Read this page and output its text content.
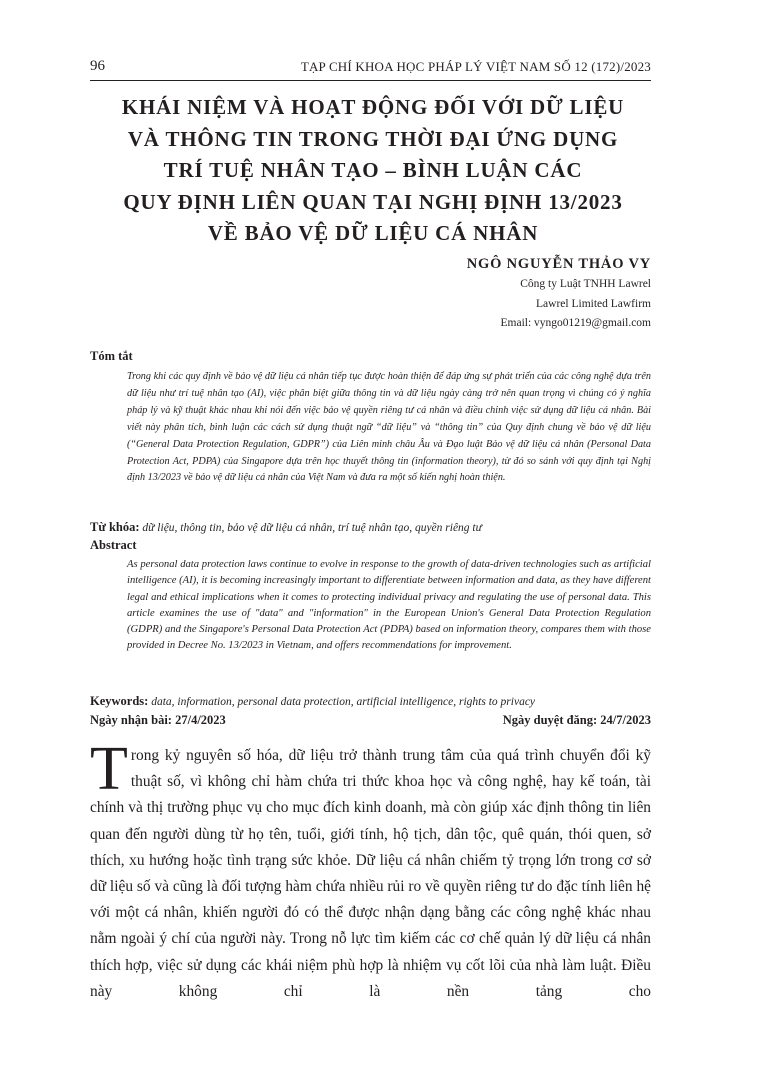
96	TẠP CHÍ KHOA HỌC PHÁP LÝ VIỆT NAM SỐ 12 (172)/2023
KHÁI NIỆM VÀ HOẠT ĐỘNG ĐỐI VỚI DỮ LIỆU
VÀ THÔNG TIN TRONG THỜI ĐẠI ỨNG DỤNG
TRÍ TUỆ NHÂN TẠO – BÌNH LUẬN CÁC
QUY ĐỊNH LIÊN QUAN TẠI NGHỊ ĐỊNH 13/2023
VỀ BẢO VỆ DỮ LIỆU CÁ NHÂN
NGÔ NGUYỄN THẢO VY
Công ty Luật TNHH Lawrel
Lawrel Limited Lawfirm
Email: vyngo01219@gmail.com
Tóm tắt
Trong khi các quy định về bảo vệ dữ liệu cá nhân tiếp tục được hoàn thiện để đáp ứng sự phát triển của các công nghệ dựa trên dữ liệu như trí tuệ nhân tạo (AI), việc phân biệt giữa thông tin và dữ liệu ngày càng trở nên quan trọng vì chúng có ý nghĩa pháp lý và kỹ thuật khác nhau khi nói đến việc bảo vệ quyền riêng tư cá nhân và điều chỉnh việc sử dụng dữ liệu cá nhân. Bài viết này phân tích, bình luận các cách sử dụng thuật ngữ “dữ liệu” và “thông tin” của Quy định chung về bảo vệ dữ liệu (“General Data Protection Regulation, GDPR”) của Liên minh châu Âu và Đạo luật Bảo vệ dữ liệu cá nhân (Personal Data Protection Act, PDPA) của Singapore dựa trên học thuyết thông tin (information theory), từ đó so sánh với quy định tại Nghị định 13/2023 về bảo vệ dữ liệu cá nhân của Việt Nam và đưa ra một số kiến nghị hoàn thiện.
Từ khóa: dữ liệu, thông tin, bảo vệ dữ liệu cá nhân, trí tuệ nhân tạo, quyền riêng tư
Abstract
As personal data protection laws continue to evolve in response to the growth of data-driven technologies such as artificial intelligence (AI), it is becoming increasingly important to differentiate between information and data, as they have different legal and ethical implications when it comes to protecting individual privacy and regulating the use of personal data. This article examines the use of "data" and "information" in the European Union's General Data Protection Regulation (GDPR) and the Singapore's Personal Data Protection Act (PDPA) based on information theory, compares them with those provided in Decree No. 13/2023 in Vietnam, and offers recommendations for improvement.
Keywords: data, information, personal data protection, artificial intelligence, rights to privacy
Ngày nhận bài: 27/4/2023	Ngày duyệt đăng: 24/7/2023
T rong kỷ nguyên số hóa, dữ liệu trở thành trung tâm của quá trình chuyển đổi kỹ thuật số, vì không chỉ hàm chứa tri thức khoa học và công nghệ, hay kế toán, tài chính và thị trường phục vụ cho mục đích kinh doanh, mà còn giúp xác định thông tin liên quan đến người dùng từ họ tên, tuổi, giới tính, hộ tịch, dân tộc, quê quán, thói quen, sở thích, xu hướng hoặc tình trạng sức khỏe. Dữ liệu cá nhân chiếm tỷ trọng lớn trong cơ sở dữ liệu số và cũng là đối tượng hàm chứa nhiều rủi ro về quyền riêng tư do đặc tính liên hệ với một cá nhân, khiến người đó có thể được nhận dạng bằng các công nghệ khác nhau nằm ngoài ý chí của người này. Trong nỗ lực tìm kiếm các cơ chế quản lý dữ liệu cá nhân thích hợp, việc sử dụng các khái niệm phù hợp là nhiệm vụ cốt lõi của nhà làm luật. Điều này không chỉ là nền tảng cho
